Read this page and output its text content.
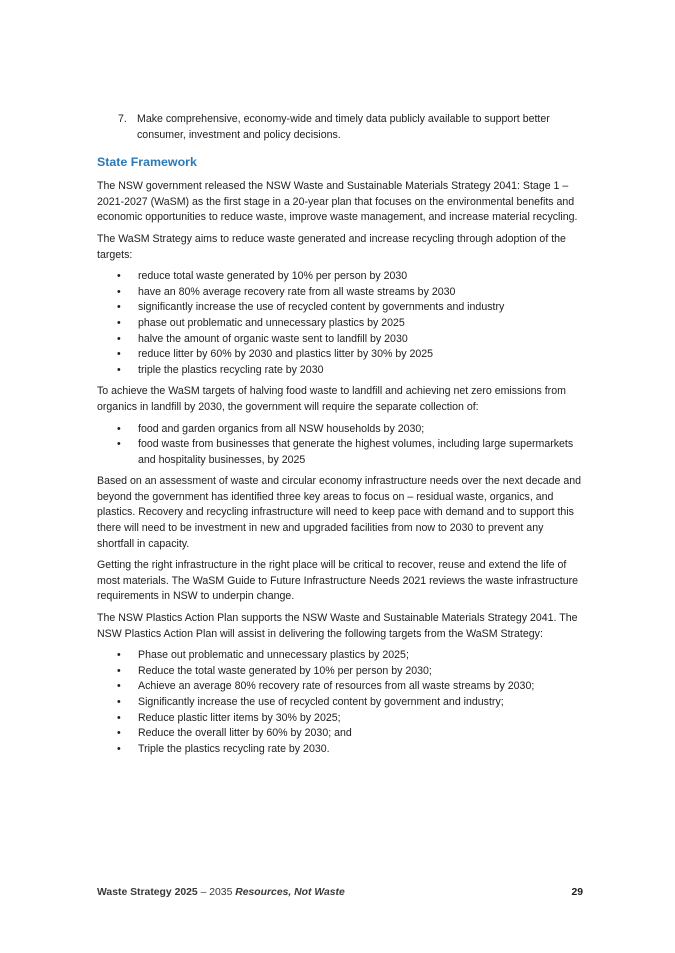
7. Make comprehensive, economy-wide and timely data publicly available to support better consumer, investment and policy decisions.
State Framework

The NSW government released the NSW Waste and Sustainable Materials Strategy 2041: Stage 1 – 2021-2027 (WaSM) as the first stage in a 20-year plan that focuses on the environmental benefits and economic opportunities to reduce waste, improve waste management, and increase material recycling.

The WaSM Strategy aims to reduce waste generated and increase recycling through adoption of the targets:

• reduce total waste generated by 10% per person by 2030
• have an 80% average recovery rate from all waste streams by 2030
• significantly increase the use of recycled content by governments and industry
• phase out problematic and unnecessary plastics by 2025
• halve the amount of organic waste sent to landfill by 2030
• reduce litter by 60% by 2030 and plastics litter by 30% by 2025
• triple the plastics recycling rate by 2030

To achieve the WaSM targets of halving food waste to landfill and achieving net zero emissions from organics in landfill by 2030, the government will require the separate collection of:

• food and garden organics from all NSW households by 2030;
• food waste from businesses that generate the highest volumes, including large supermarkets and hospitality businesses, by 2025

Based on an assessment of waste and circular economy infrastructure needs over the next decade and beyond the government has identified three key areas to focus on – residual waste, organics, and plastics. Recovery and recycling infrastructure will need to keep pace with demand and to support this there will need to be investment in new and upgraded facilities from now to 2030 to prevent any shortfall in capacity.

Getting the right infrastructure in the right place will be critical to recover, reuse and extend the life of most materials. The WaSM Guide to Future Infrastructure Needs 2021 reviews the waste infrastructure requirements in NSW to underpin change.

The NSW Plastics Action Plan supports the NSW Waste and Sustainable Materials Strategy 2041. The NSW Plastics Action Plan will assist in delivering the following targets from the WaSM Strategy:

• Phase out problematic and unnecessary plastics by 2025;
• Reduce the total waste generated by 10% per person by 2030;
• Achieve an average 80% recovery rate of resources from all waste streams by 2030;
• Significantly increase the use of recycled content by government and industry;
• Reduce plastic litter items by 30% by 2025;
• Reduce the overall litter by 60% by 2030; and
• Triple the plastics recycling rate by 2030.
Waste Strategy 2025 – 2035 Resources, Not Waste	29
